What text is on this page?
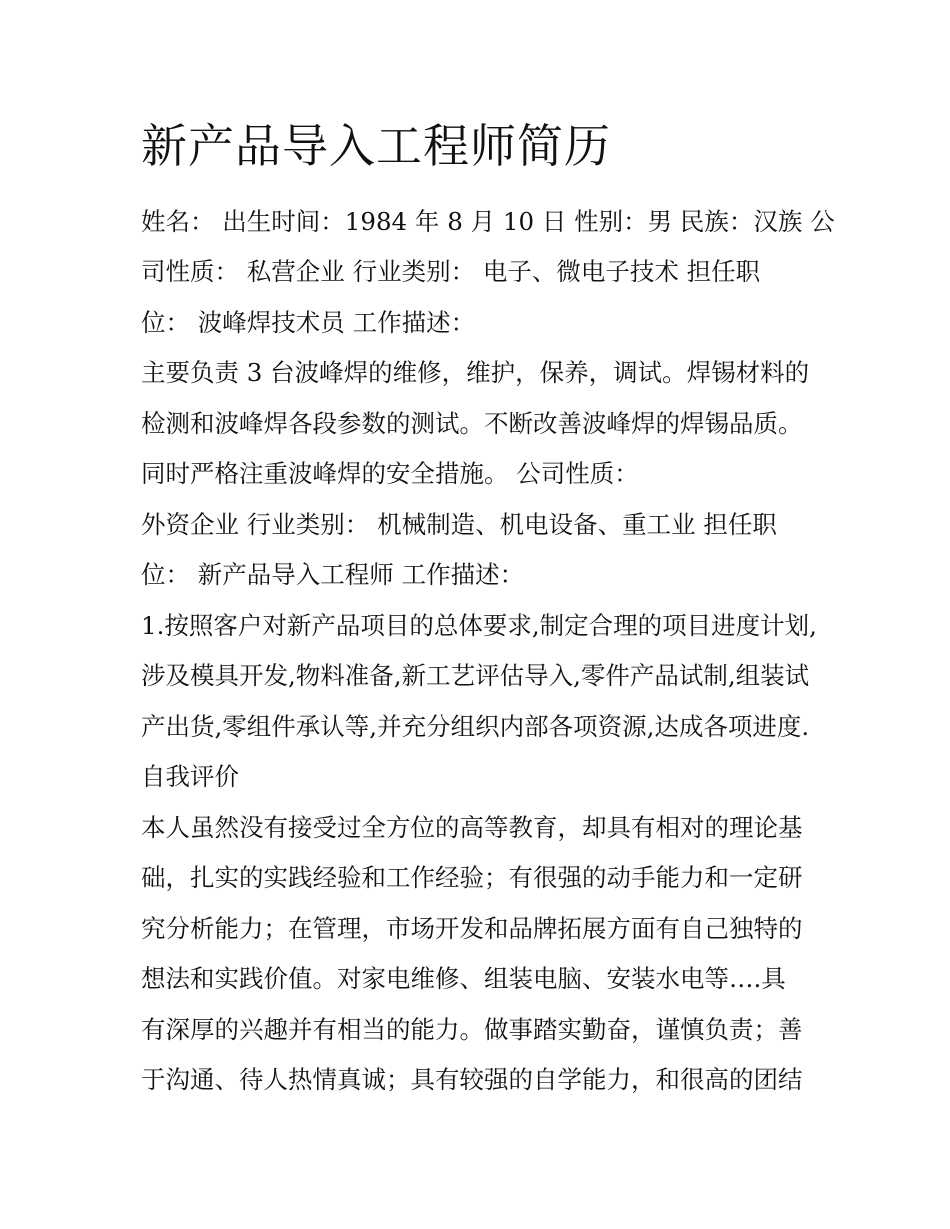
新产品导入工程师简历

姓名： 出生时间：1984 年 8 月 10 日 性别：男 民族：汉族 公

司性质： 私营企业 行业类别： 电子、微电子技术 担任职

位： 波峰焊技术员 工作描述：

主要负责 3 台波峰焊的维修，维护，保养，调试。焊锡材料的

检测和波峰焊各段参数的测试。不断改善波峰焊的焊锡品质。

同时严格注重波峰焊的安全措施。 公司性质：

外资企业 行业类别： 机械制造、机电设备、重工业 担任职

位： 新产品导入工程师 工作描述：

1.按照客户对新产品项目的总体要求,制定合理的项目进度计划,

涉及模具开发,物料准备,新工艺评估导入,零件产品试制,组装试

产出货,零组件承认等,并充分组织内部各项资源,达成各项进度.

自我评价

本人虽然没有接受过全方位的高等教育，却具有相对的理论基

础，扎实的实践经验和工作经验；有很强的动手能力和一定研

究分析能力；在管理，市场开发和品牌拓展方面有自己独特的

想法和实践价值。对家电维修、组装电脑、安装水电等….具

有深厚的兴趣并有相当的能力。做事踏实勤奋，谨慎负责；善

于沟通、待人热情真诚；具有较强的自学能力，和很高的团结
